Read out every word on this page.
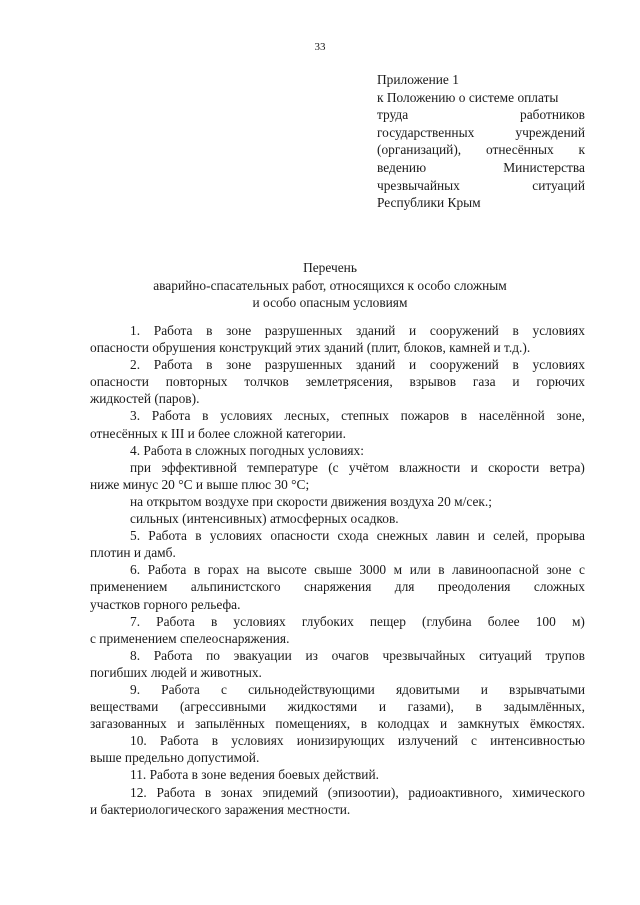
33
Приложение 1
к Положению о системе оплаты
труда	работников
государственных	учреждений
(организаций), отнесённых к
ведению	Министерства
чрезвычайных	ситуаций
Республики Крым
Перечень
аварийно-спасательных работ, относящихся к особо сложным
и особо опасным условиям
1. Работа в зоне разрушенных зданий и сооружений в условиях
опасности обрушения конструкций этих зданий (плит, блоков, камней и т.д.).
2. Работа в зоне разрушенных зданий и сооружений в условиях
опасности повторных толчков землетрясения, взрывов газа и горючих
жидкостей (паров).
3. Работа в условиях лесных, степных пожаров в населённой зоне,
отнесённых к III и более сложной категории.
4. Работа в сложных погодных условиях:
при эффективной температуре (с учётом влажности и скорости ветра)
ниже минус 20 °С и выше плюс 30 °С;
на открытом воздухе при скорости движения воздуха 20 м/сек.;
сильных (интенсивных) атмосферных осадков.
5. Работа в условиях опасности схода снежных лавин и селей, прорыва
плотин и дамб.
6. Работа в горах на высоте свыше 3000 м или в лавиноопасной зоне с
применением альпинистского снаряжения для преодоления сложных
участков горного рельефа.
7. Работа в условиях глубоких пещер (глубина более 100 м)
с применением спелеоснаряжения.
8. Работа по эвакуации из очагов чрезвычайных ситуаций трупов
погибших людей и животных.
9. Работа с сильнодействующими ядовитыми и взрывчатыми
веществами (агрессивными жидкостями и газами), в задымлённых,
загазованных и запылённых помещениях, в колодцах и замкнутых ёмкостях.
10. Работа в условиях ионизирующих излучений с интенсивностью
выше предельно допустимой.
11. Работа в зоне ведения боевых действий.
12. Работа в зонах эпидемий (эпизоотии), радиоактивного, химического
и бактериологического заражения местности.
